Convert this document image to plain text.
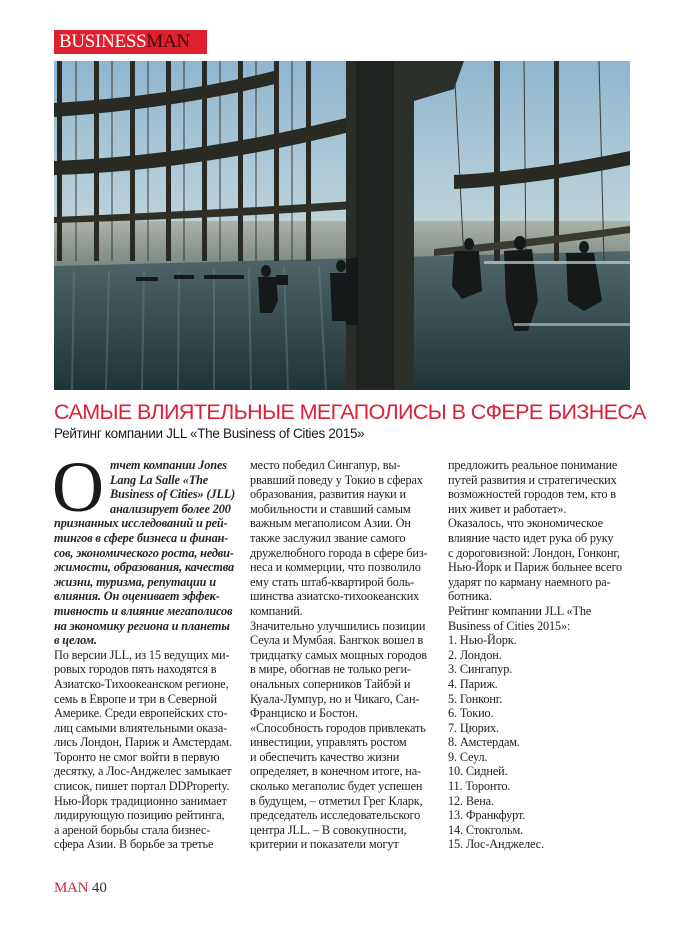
BUSINESS MAN
САМЫЕ ВЛИЯТЕЛЬНЫЕ МЕГАПОЛИСЫ В СФЕРЕ БИЗНЕСА
Рейтинг компании JLL «The Business of Cities 2015»
О тчет компании Jones
Lang La Salle «The
Business of Cities» (JLL)
анализирует более 200
признанных исследований и рей-
тингов в сфере бизнеса и финан-
сов, экономического роста, недви-
жимости, образования, качества
жизни, туризма, репутации и
влияния. Он оценивает эффек-
тивность и влияние мегаполисов
на экономику региона и планеты
в целом.
По версии JLL, из 15 ведущих ми-
ровых городов пять находятся в
Азиатско-Тихоокеанском регионе,
семь в Европе и три в Северной
Америке. Среди европейских сто-
лиц самыми влиятельными оказа-
лись Лондон, Париж и Амстердам.
Торонто не смог войти в первую
десятку, а Лос-Анджелес замыкает
список, пишет портал DDProperty.
Нью-Йорк традиционно занимает
лидирующую позицию рейтинга,
а ареной борьбы стала бизнес-
сфера Азии. В борьбе за третье
место победил Сингапур, вы-
рвавший поведу у Токио в сферах
образования, развития науки и
мобильности и ставший самым
важным мегаполисом Азии. Он
также заслужил звание самого
дружелюбного города в сфере биз-
неса и коммерции, что позволило
ему стать штаб-квартирой боль-
шинства азиатско-тихоокеанских
компаний.
Значительно улучшились позиции
Сеула и Мумбая. Бангкок вошел в
тридцатку самых мощных городов
в мире, обогнав не только реги-
ональных соперников Тайбэй и
Куала-Лумпур, но и Чикаго, Сан-
Франциско и Бостон.
«Способность городов привлекать
инвестиции, управлять ростом
и обеспечить качество жизни
определяет, в конечном итоге, на-
сколько мегаполис будет успешен
в будущем, – отметил Грег Кларк,
председатель исследовательского
центра JLL. – В совокупности,
критерии и показатели могут
предложить реальное понимание
путей развития и стратегических
возможностей городов тем, кто в
них живет и работает».
Оказалось, что экономическое
влияние часто идет рука об руку
с дороговизной: Лондон, Гонконг,
Нью-Йорк и Париж больнее всего
ударят по карману наемного ра-
ботника.
Рейтинг компании JLL «The
Business of Cities 2015»:
1. Нью-Йорк.
2. Лондон.
3. Сингапур.
4. Париж.
5. Гонконг.
6. Токио.
7. Цюрих.
8. Амстердам.
9. Сеул.
10. Сидней.
11. Торонто.
12. Вена.
13. Франкфурт.
14. Стокгольм.
15. Лос-Анджелес.
MAN 40
